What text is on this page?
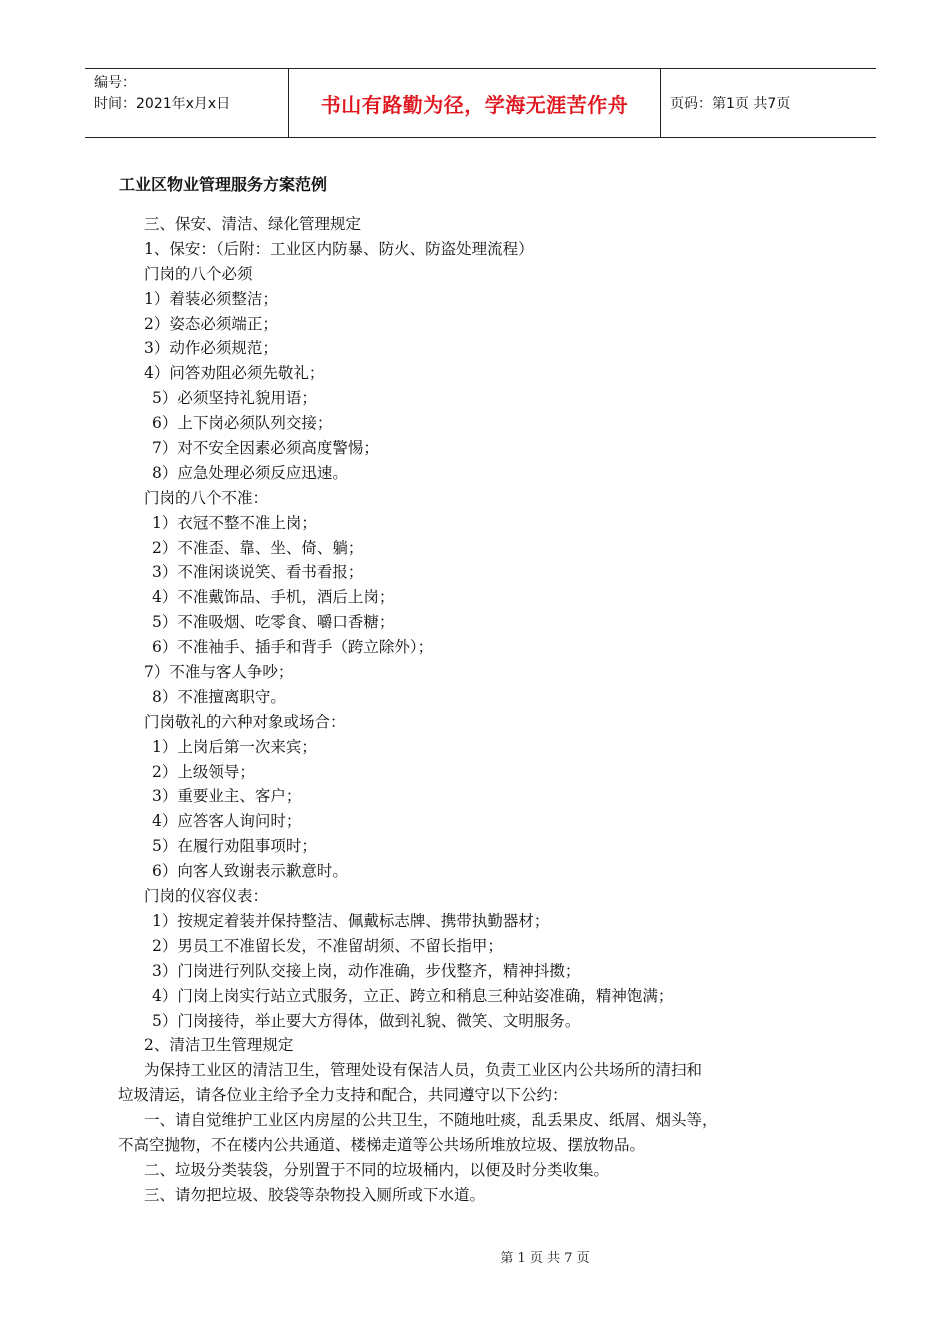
编号：
时间：2021年x月x日	书山有路勤为径，学海无涯苦作舟	页码：第1页 共7页
工业区物业管理服务方案范例
三、保安、清洁、绿化管理规定
1、保安：（后附：工业区内防暴、防火、防盗处理流程）
门岗的八个必须
1）着装必须整洁；
2）姿态必须端正；
3）动作必须规范；
4）问答劝阻必须先敬礼；
5）必须坚持礼貌用语；
6）上下岗必须队列交接；
7）对不安全因素必须高度警惕；
8）应急处理必须反应迅速。
门岗的八个不准：
1）衣冠不整不准上岗；
2）不准歪、靠、坐、倚、躺；
3）不准闲谈说笑、看书看报；
4）不准戴饰品、手机，酒后上岗；
5）不准吸烟、吃零食、嚼口香糖；
6）不准袖手、插手和背手（跨立除外）；
7）不准与客人争吵；
8）不准擅离职守。
门岗敬礼的六种对象或场合：
1）上岗后第一次来宾；
2）上级领导；
3）重要业主、客户；
4）应答客人询问时；
5）在履行劝阻事项时；
6）向客人致谢表示歉意时。
门岗的仪容仪表：
1）按规定着装并保持整洁、佩戴标志牌、携带执勤器材；
2）男员工不准留长发，不准留胡须、不留长指甲；
3）门岗进行列队交接上岗，动作准确，步伐整齐，精神抖擞；
4）门岗上岗实行站立式服务，立正、跨立和稍息三种站姿准确，精神饱满；
5）门岗接待，举止要大方得体，做到礼貌、微笑、文明服务。
2、清洁卫生管理规定
为保持工业区的清洁卫生，管理处设有保洁人员，负责工业区内公共场所的清扫和
垃圾清运，请各位业主给予全力支持和配合，共同遵守以下公约：
一、请自觉维护工业区内房屋的公共卫生，不随地吐痰，乱丢果皮、纸屑、烟头等，
不高空抛物，不在楼内公共通道、楼梯走道等公共场所堆放垃圾、摆放物品。
二、垃圾分类装袋，分别置于不同的垃圾桶内，以便及时分类收集。
三、请勿把垃圾、胶袋等杂物投入厕所或下水道。
第 1 页 共 7 页
